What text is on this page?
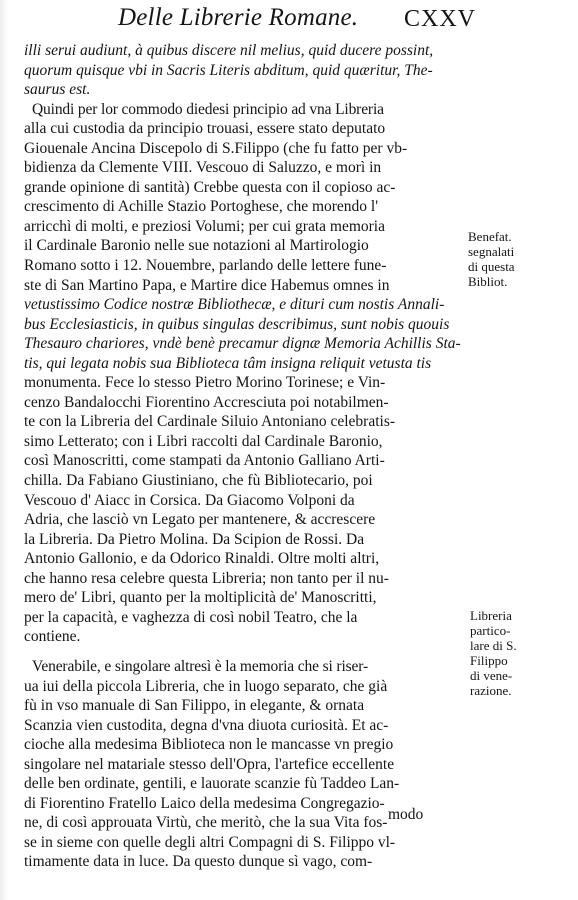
Delle Librerie Romane. CXXV
illi serui audiunt, à quibus discere nil melius, quid ducere possint,
quorum quisque vbi in Sacris Literis abditum, quid quæritur, The-
saurus est.
Quindi per lor commodo diedesi principio ad vna Libreria
alla cui custodia da principio trouasi, essere stato deputato
Giouenale Ancina Discepolo di S.Filippo (che fu fatto per vb-
bidienza da Clemente VIII. Vescouo di Saluzzo, e morì in
grande opinione di santità) Crebbe questa con il copioso ac-
crescimento di Achille Stazio Portoghese, che morendo l'
arricchì di molti, e preziosi Volumi; per cui grata memoria
il Cardinale Baronio nelle sue notazioni al Martirologio
Romano sotto i 12. Nouembre, parlando delle lettere fune-
ste di San Martino Papa, e Martire dice Habemus omnes in
vetustissimo Codice nostræ Bibliothecæ, e dituri cum nostis Annali-
bus Ecclesiasticis, in quibus singulas describimus, sunt nobis quouis
Thesauro chariores, vndè benè precamur dignæ Memoria Achillis Sta-
tis, qui legata nobis sua Biblioteca tâm insigna reliquit vetusta tis
monumenta. Fece lo stesso Pietro Morino Torinese; e Vin-
cenzo Bandalocchi Fiorentino Accresciuta poi notabilmen-
te con la Libreria del Cardinale Siluio Antoniano celebratis-
simo Letterato; con i Libri raccolti dal Cardinale Baronio,
così Manoscritti, come stampati da Antonio Galliano Arti-
chilla. Da Fabiano Giustiniano, che fù Bibliotecario, poi
Vescouo d' Aiacc in Corsica. Da Giacomo Volponi da
Adria, che lasciò vn Legato per mantenere, & accrescere
la Libreria. Da Pietro Molina. Da Scipion de Rossi. Da
Antonio Gallonio, e da Odorico Rinaldi. Oltre molti altri,
che hanno resa celebre questa Libreria; non tanto per il nu-
mero de' Libri, quanto per la moltiplicità de' Manoscritti,
per la capacità, e vaghezza di così nobil Teatro, che la
contiene.
Venerabile, e singolare altresì è la memoria che si riser-
ua iui della piccola Libreria, che in luogo separato, che già
fù in vso manuale di San Filippo, in elegante, & ornata
Scanzia vien custodita, degna d'vna diuota curiosità. Et ac-
cioche alla medesima Biblioteca non le mancasse vn pregio
singolare nel matariale stesso dell'Opra, l'artefice eccellente
delle ben ordinate, gentili, e lauorate scanzie fù Taddeo Lan-
di Fiorentino Fratello Laico della medesima Congregazio-
ne, di così approuata Virtù, che meritò, che la sua Vita fos-
se in sieme con quelle degli altri Compagni di S. Filippo vl-
timamente data in luce. Da questo dunque sì vago, com-
modo
Benefat.
segnalati
di questa
Bibliot.
Libreria
partico-
lare di S.
Filippo
di vene-
razione.
